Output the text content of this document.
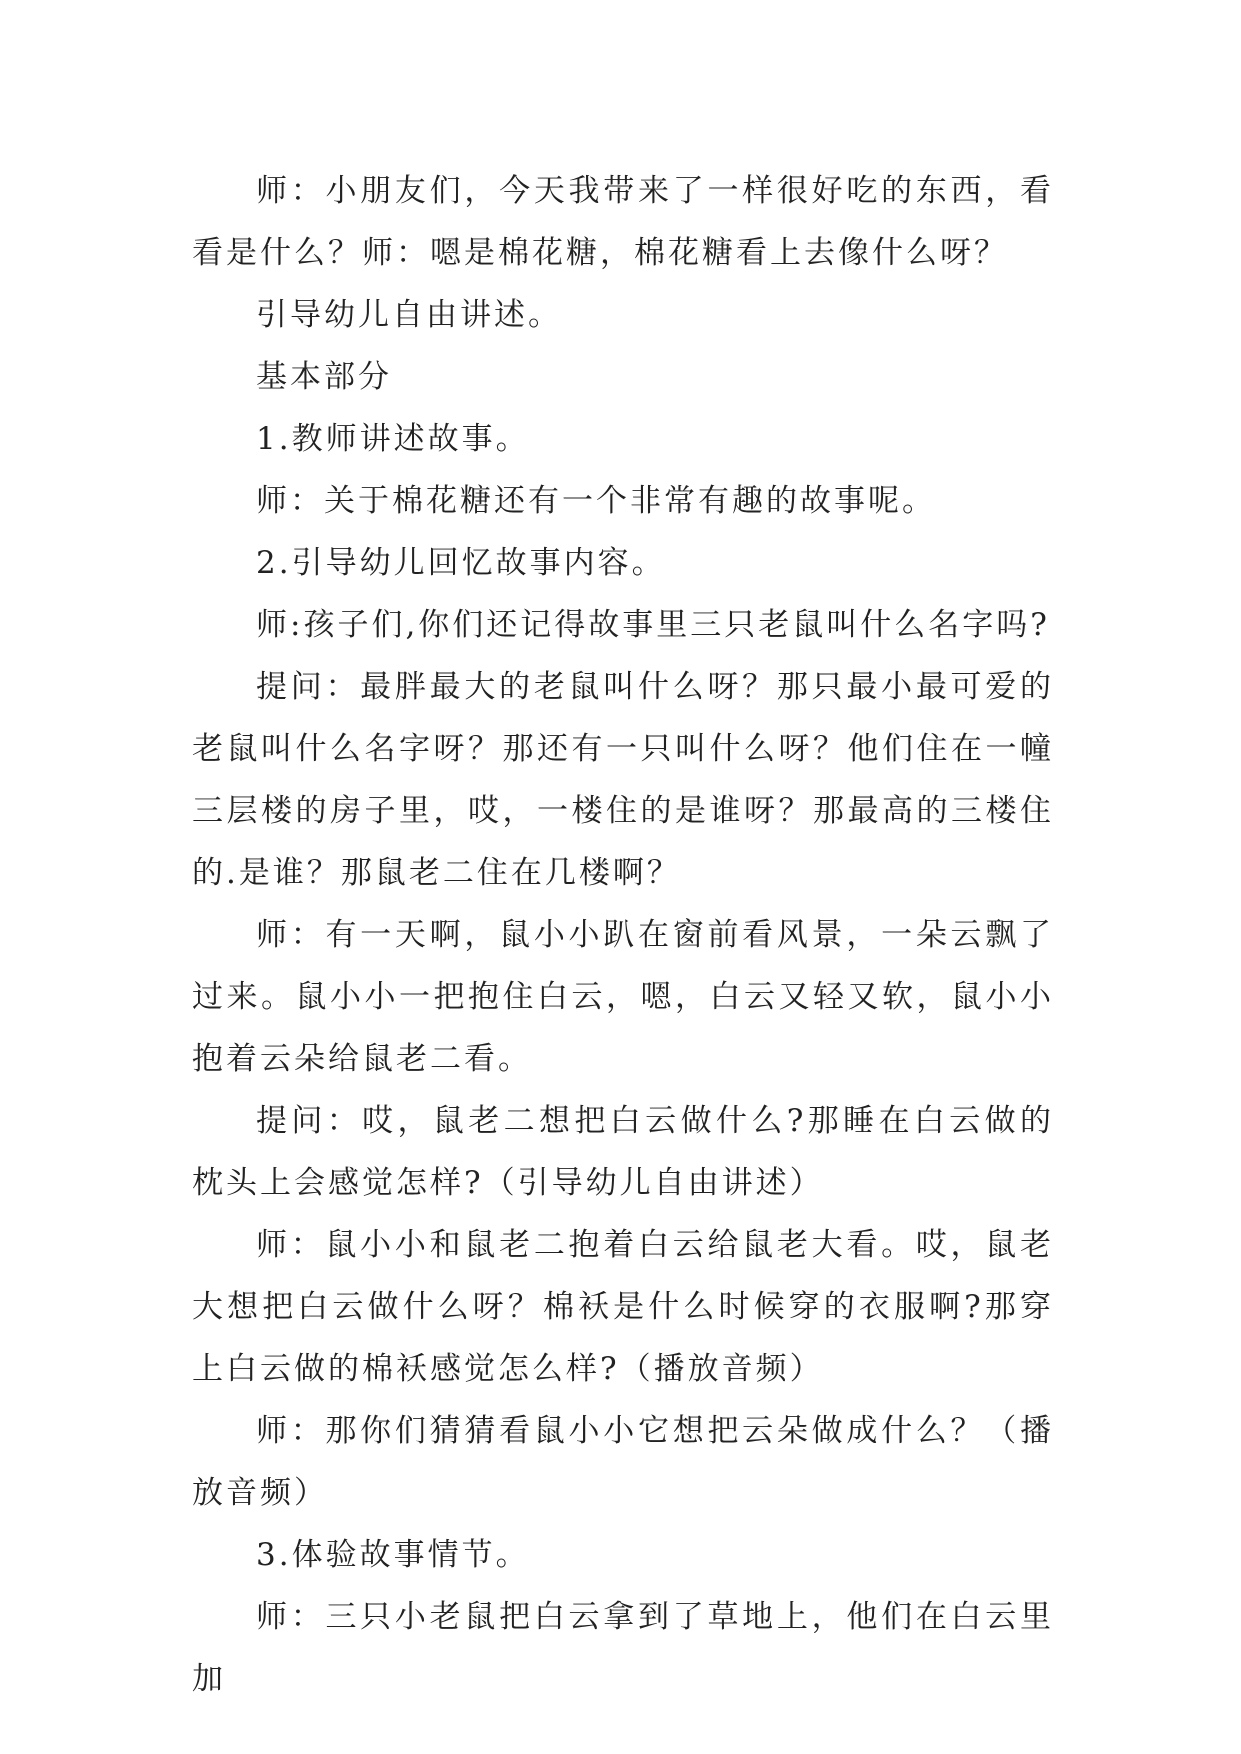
师：小朋友们，今天我带来了一样很好吃的东西，看看是什么？师：嗯是棉花糖，棉花糖看上去像什么呀？

引导幼儿自由讲述。

基本部分

1.教师讲述故事。

师：关于棉花糖还有一个非常有趣的故事呢。

2.引导幼儿回忆故事内容。

师:孩子们,你们还记得故事里三只老鼠叫什么名字吗?

提问：最胖最大的老鼠叫什么呀？那只最小最可爱的老鼠叫什么名字呀？那还有一只叫什么呀？他们住在一幢三层楼的房子里，哎，一楼住的是谁呀？那最高的三楼住的.是谁？那鼠老二住在几楼啊？

师：有一天啊，鼠小小趴在窗前看风景，一朵云飘了过来。鼠小小一把抱住白云，嗯，白云又轻又软，鼠小小抱着云朵给鼠老二看。

提问：哎，鼠老二想把白云做什么?那睡在白云做的枕头上会感觉怎样?（引导幼儿自由讲述）

师：鼠小小和鼠老二抱着白云给鼠老大看。哎，鼠老大想把白云做什么呀？棉袄是什么时候穿的衣服啊?那穿上白云做的棉袄感觉怎么样?（播放音频）

师：那你们猜猜看鼠小小它想把云朵做成什么？（播放音频）

3.体验故事情节。

师：三只小老鼠把白云拿到了草地上，他们在白云里加
